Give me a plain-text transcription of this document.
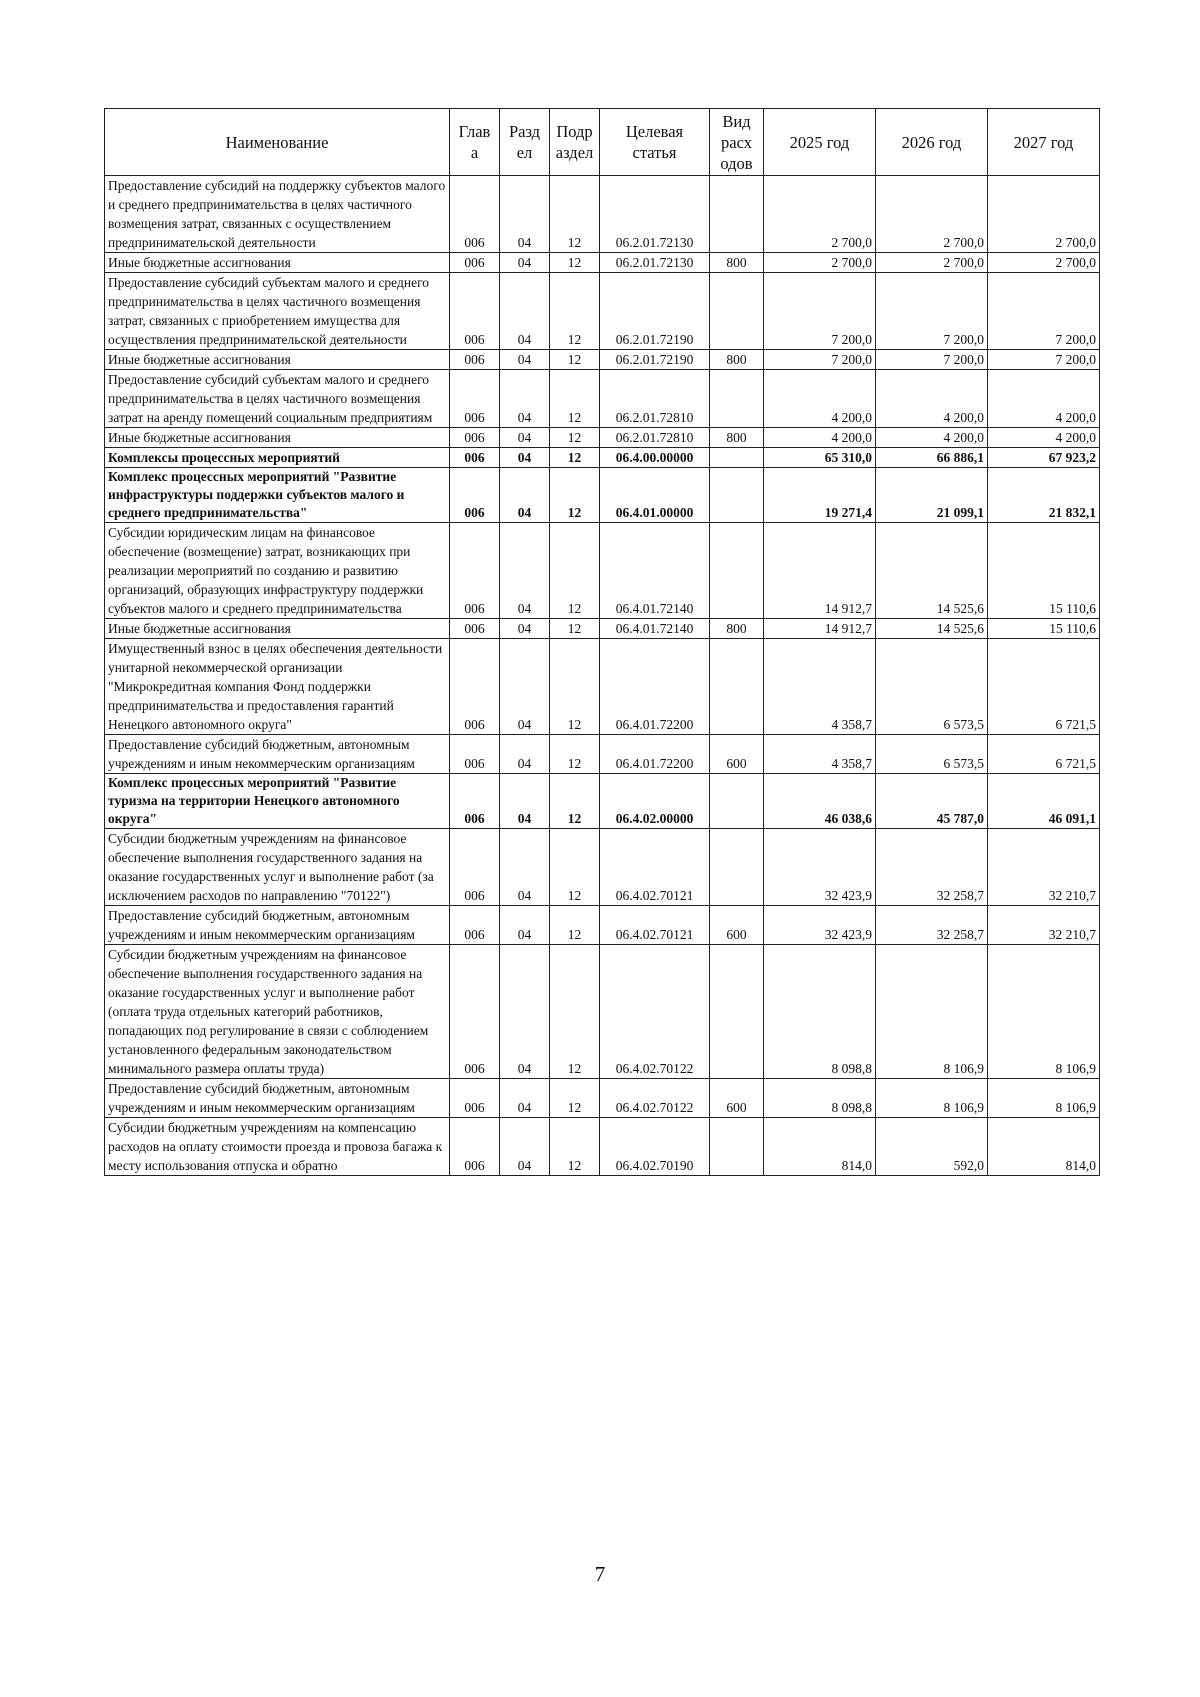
Наименование	Глав а	Разд ел	Подр аздел	Целевая статья	Вид расх одов	2025 год	2026 год	2027 год
Предоставление субсидий на поддержку субъектов малого и среднего предпринимательства в целях частичного возмещения затрат, связанных с осуществлением предпринимательской деятельности	006	04	12	06.2.01.72130		2 700,0	2 700,0	2 700,0
Иные бюджетные ассигнования	006	04	12	06.2.01.72130	800	2 700,0	2 700,0	2 700,0
Предоставление субсидий субъектам малого и среднего предпринимательства в целях частичного возмещения затрат, связанных с приобретением имущества для осуществления предпринимательской деятельности	006	04	12	06.2.01.72190		7 200,0	7 200,0	7 200,0
Иные бюджетные ассигнования	006	04	12	06.2.01.72190	800	7 200,0	7 200,0	7 200,0
Предоставление субсидий субъектам малого и среднего предпринимательства в целях частичного возмещения затрат на аренду помещений социальным предприятиям	006	04	12	06.2.01.72810		4 200,0	4 200,0	4 200,0
Иные бюджетные ассигнования	006	04	12	06.2.01.72810	800	4 200,0	4 200,0	4 200,0
Комплексы процессных мероприятий	006	04	12	06.4.00.00000		65 310,0	66 886,1	67 923,2
Комплекс процессных мероприятий "Развитие инфраструктуры поддержки субъектов малого и среднего предпринимательства"	006	04	12	06.4.01.00000		19 271,4	21 099,1	21 832,1
Субсидии юридическим лицам на финансовое обеспечение (возмещение) затрат, возникающих при реализации мероприятий по созданию и развитию организаций, образующих инфраструктуру поддержки субъектов малого и среднего предпринимательства	006	04	12	06.4.01.72140		14 912,7	14 525,6	15 110,6
Иные бюджетные ассигнования	006	04	12	06.4.01.72140	800	14 912,7	14 525,6	15 110,6
Имущественный взнос в целях обеспечения деятельности унитарной некоммерческой организации "Микрокредитная компания Фонд поддержки предпринимательства и предоставления гарантий Ненецкого автономного округа"	006	04	12	06.4.01.72200		4 358,7	6 573,5	6 721,5
Предоставление субсидий бюджетным, автономным учреждениям и иным некоммерческим организациям	006	04	12	06.4.01.72200	600	4 358,7	6 573,5	6 721,5
Комплекс процессных мероприятий "Развитие туризма на территории Ненецкого автономного округа"	006	04	12	06.4.02.00000		46 038,6	45 787,0	46 091,1
Субсидии бюджетным учреждениям на финансовое обеспечение выполнения государственного задания на оказание государственных услуг и выполнение работ (за исключением расходов по направлению "70122")	006	04	12	06.4.02.70121		32 423,9	32 258,7	32 210,7
Предоставление субсидий бюджетным, автономным учреждениям и иным некоммерческим организациям	006	04	12	06.4.02.70121	600	32 423,9	32 258,7	32 210,7
Субсидии бюджетным учреждениям на финансовое обеспечение выполнения государственного задания на оказание государственных услуг и выполнение работ (оплата труда отдельных категорий работников, попадающих под регулирование в связи с соблюдением установленного федеральным законодательством минимального размера оплаты труда)	006	04	12	06.4.02.70122		8 098,8	8 106,9	8 106,9
Предоставление субсидий бюджетным, автономным учреждениям и иным некоммерческим организациям	006	04	12	06.4.02.70122	600	8 098,8	8 106,9	8 106,9
Субсидии бюджетным учреждениям на компенсацию расходов на оплату стоимости проезда и провоза багажа к месту использования отпуска и обратно	006	04	12	06.4.02.70190		814,0	592,0	814,0
7
